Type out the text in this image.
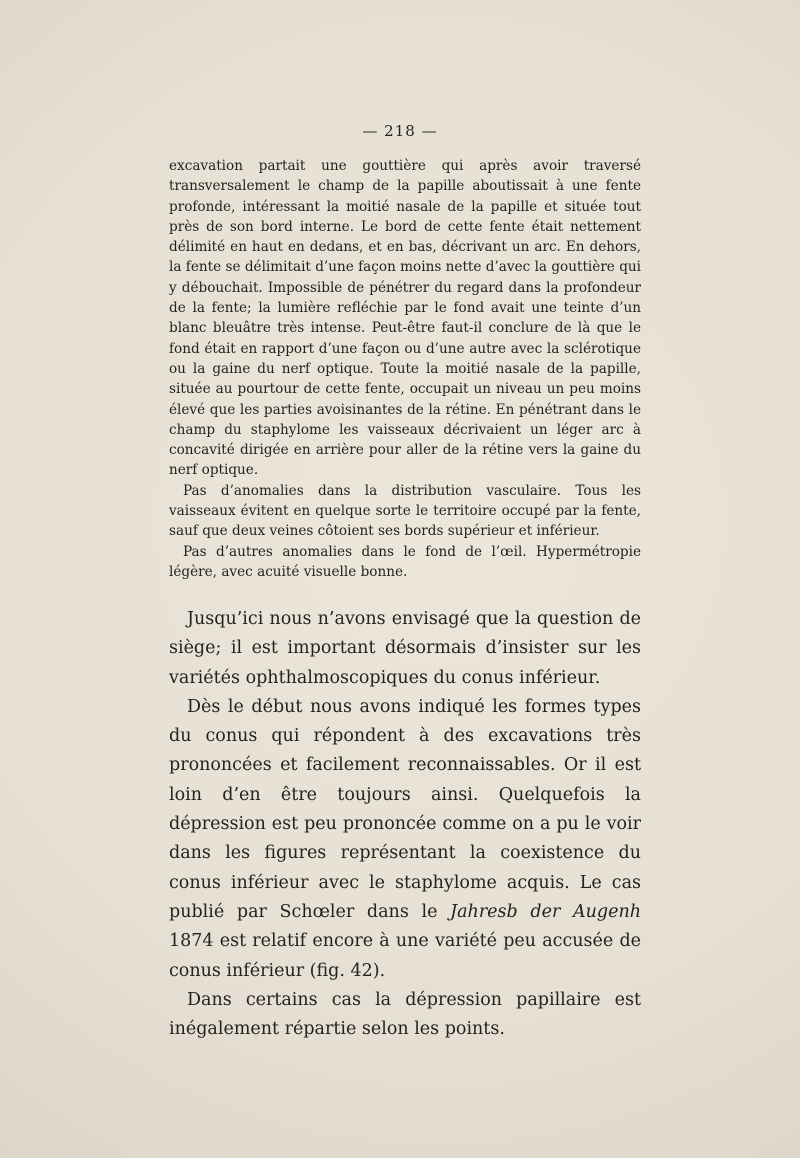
— 218 —

excavation partait une gouttière qui après avoir traversé transversalement le champ de la papille aboutissait à une fente profonde, intéressant la moitié nasale de la papille et située tout près de son bord interne. Le bord de cette fente était nettement délimité en haut en dedans, et en bas, décrivant un arc. En dehors, la fente se délimitait d’une façon moins nette d’avec la gouttière qui y débouchait. Impossible de pénétrer du regard dans la profondeur de la fente; la lumière refléchie par le fond avait une teinte d’un blanc bleuâtre très intense. Peut-être faut-il conclure de là que le fond était en rapport d’une façon ou d’une autre avec la sclérotique ou la gaine du nerf optique. Toute la moitié nasale de la papille, située au pourtour de cette fente, occupait un niveau un peu moins élevé que les parties avoisinantes de la rétine. En pénétrant dans le champ du staphylome les vaisseaux décrivaient un léger arc à concavité dirigée en arrière pour aller de la rétine vers la gaine du nerf optique.

Pas d’anomalies dans la distribution vasculaire. Tous les vaisseaux évitent en quelque sorte le territoire occupé par la fente, sauf que deux veines côtoient ses bords supérieur et inférieur.

Pas d’autres anomalies dans le fond de l’œil. Hypermétropie légère, avec acuité visuelle bonne.

Jusqu’ici nous n’avons envisagé que la question de siège; il est important désormais d’insister sur les variétés ophthalmoscopiques du conus inférieur.

Dès le début nous avons indiqué les formes types du conus qui répondent à des excavations très prononcées et facilement reconnaissables. Or il est loin d’en être toujours ainsi. Quelquefois la dépression est peu prononcée comme on a pu le voir dans les figures représentant la coexistence du conus inférieur avec le staphylome acquis. Le cas publié par Schœler dans le Jahresb der Augenh 1874 est relatif encore à une variété peu accusée de conus inférieur (fig. 42).

Dans certains cas la dépression papillaire est inégalement répartie selon les points.
